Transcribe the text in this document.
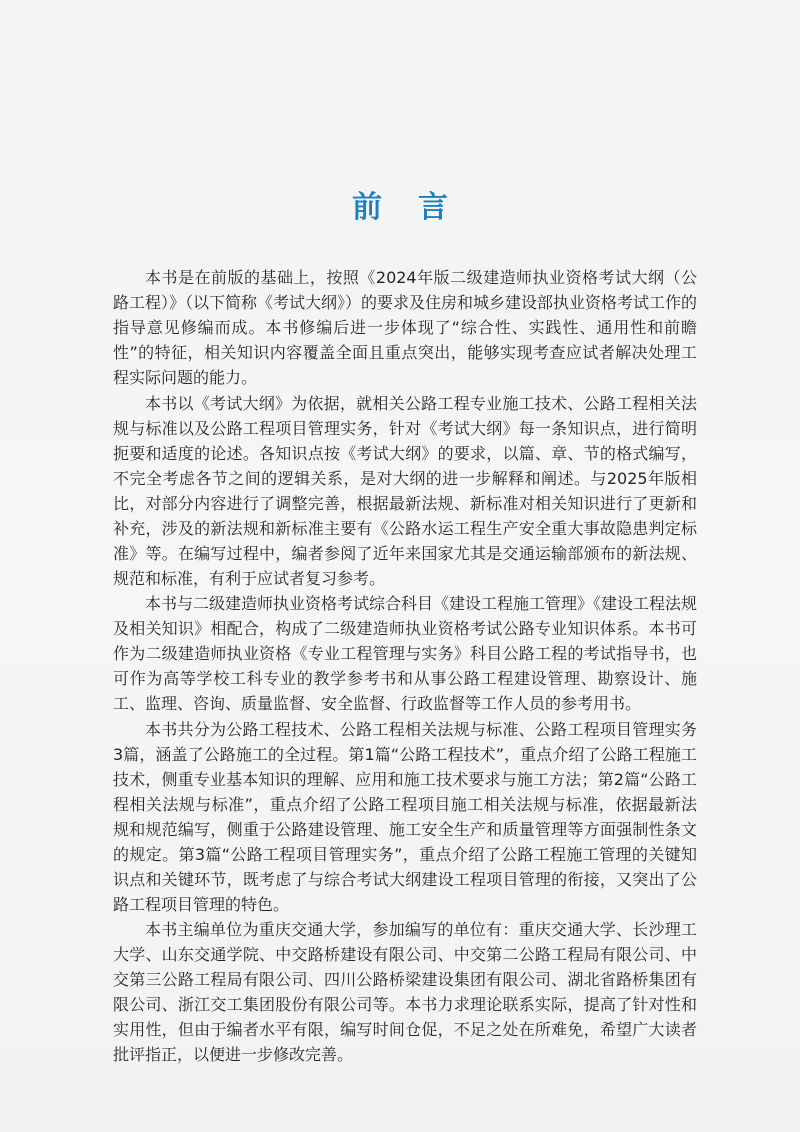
前言

本书是在前版的基础上，按照《2024年版二级建造师执业资格考试大纲（公路工程）》（以下简称《考试大纲》）的要求及住房和城乡建设部执业资格考试工作的指导意见修编而成。本书修编后进一步体现了“综合性、实践性、通用性和前瞻性”的特征，相关知识内容覆盖全面且重点突出，能够实现考查应试者解决处理工程实际问题的能力。

本书以《考试大纲》为依据，就相关公路工程专业施工技术、公路工程相关法规与标准以及公路工程项目管理实务，针对《考试大纲》每一条知识点，进行简明扼要和适度的论述。各知识点按《考试大纲》的要求，以篇、章、节的格式编写，不完全考虑各节之间的逻辑关系，是对大纲的进一步解释和阐述。与2025年版相比，对部分内容进行了调整完善，根据最新法规、新标准对相关知识进行了更新和补充，涉及的新法规和新标准主要有《公路水运工程生产安全重大事故隐患判定标准》等。在编写过程中，编者参阅了近年来国家尤其是交通运输部颁布的新法规、规范和标准，有利于应试者复习参考。

本书与二级建造师执业资格考试综合科目《建设工程施工管理》《建设工程法规及相关知识》相配合，构成了二级建造师执业资格考试公路专业知识体系。本书可作为二级建造师执业资格《专业工程管理与实务》科目公路工程的考试指导书，也可作为高等学校工科专业的教学参考书和从事公路工程建设管理、勘察设计、施工、监理、咨询、质量监督、安全监督、行政监督等工作人员的参考用书。

本书共分为公路工程技术、公路工程相关法规与标准、公路工程项目管理实务3篇，涵盖了公路施工的全过程。第1篇“公路工程技术”，重点介绍了公路工程施工技术，侧重专业基本知识的理解、应用和施工技术要求与施工方法；第2篇“公路工程相关法规与标准”，重点介绍了公路工程项目施工相关法规与标准，依据最新法规和规范编写，侧重于公路建设管理、施工安全生产和质量管理等方面强制性条文的规定。第3篇“公路工程项目管理实务”，重点介绍了公路工程施工管理的关键知识点和关键环节，既考虑了与综合考试大纲建设工程项目管理的衔接，又突出了公路工程项目管理的特色。

本书主编单位为重庆交通大学，参加编写的单位有：重庆交通大学、长沙理工大学、山东交通学院、中交路桥建设有限公司、中交第二公路工程局有限公司、中交第三公路工程局有限公司、四川公路桥梁建设集团有限公司、湖北省路桥集团有限公司、浙江交工集团股份有限公司等。本书力求理论联系实际，提高了针对性和实用性，但由于编者水平有限，编写时间仓促，不足之处在所难免，希望广大读者批评指正，以便进一步修改完善。
